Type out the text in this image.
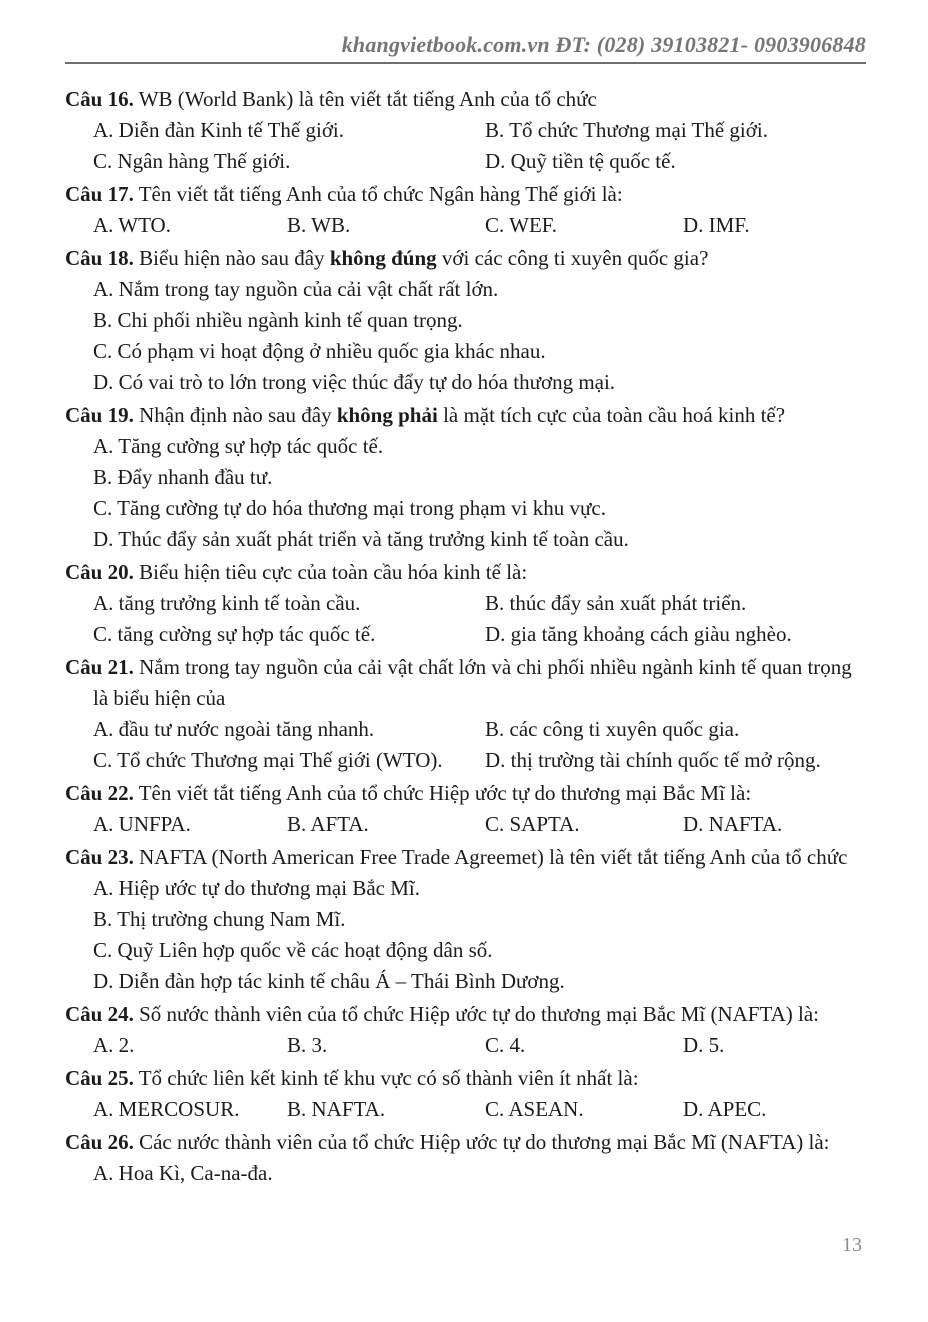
khangvietbook.com.vn ĐT: (028) 39103821- 0903906848

Câu 16. WB (World Bank) là tên viết tắt tiếng Anh của tổ chức

A. Diễn đàn Kinh tế Thế giới.	B. Tổ chức Thương mại Thế giới.
C. Ngân hàng Thế giới.	D. Quỹ tiền tệ quốc tế.

Câu 17. Tên viết tắt tiếng Anh của tổ chức Ngân hàng Thế giới là:

A. WTO.	B. WB.	C. WEF.	D. IMF.

Câu 18. Biểu hiện nào sau đây không đúng với các công ti xuyên quốc gia?

A. Nắm trong tay nguồn của cải vật chất rất lớn.
B. Chi phối nhiều ngành kinh tế quan trọng.
C. Có phạm vi hoạt động ở nhiều quốc gia khác nhau.
D. Có vai trò to lớn trong việc thúc đẩy tự do hóa thương mại.

Câu 19. Nhận định nào sau đây không phải là mặt tích cực của toàn cầu hoá kinh tế?

A. Tăng cường sự hợp tác quốc tế.
B. Đẩy nhanh đầu tư.
C. Tăng cường tự do hóa thương mại trong phạm vi khu vực.
D. Thúc đẩy sản xuất phát triển và tăng trưởng kinh tế toàn cầu.

Câu 20. Biểu hiện tiêu cực của toàn cầu hóa kinh tế là:

A. tăng trưởng kinh tế toàn cầu.	B. thúc đẩy sản xuất phát triển.
C. tăng cường sự hợp tác quốc tế.	D. gia tăng khoảng cách giàu nghèo.

Câu 21. Nắm trong tay nguồn của cải vật chất lớn và chi phối nhiều ngành kinh tế quan trọng là biểu hiện của

A. đầu tư nước ngoài tăng nhanh.	B. các công ti xuyên quốc gia.
C. Tổ chức Thương mại Thế giới (WTO).	D. thị trường tài chính quốc tế mở rộng.

Câu 22. Tên viết tắt tiếng Anh của tổ chức Hiệp ước tự do thương mại Bắc Mĩ là:

A. UNFPA.	B. AFTA.	C. SAPTA.	D. NAFTA.

Câu 23. NAFTA (North American Free Trade Agreemet) là tên viết tắt tiếng Anh của tổ chức

A. Hiệp ước tự do thương mại Bắc Mĩ.
B. Thị trường chung Nam Mĩ.
C. Quỹ Liên hợp quốc về các hoạt động dân số.
D. Diễn đàn hợp tác kinh tế châu Á – Thái Bình Dương.

Câu 24. Số nước thành viên của tổ chức Hiệp ước tự do thương mại Bắc Mĩ (NAFTA) là:

A. 2.	B. 3.	C. 4.	D. 5.

Câu 25. Tổ chức liên kết kinh tế khu vực có số thành viên ít nhất là:

A. MERCOSUR.	B. NAFTA.	C. ASEAN.	D. APEC.

Câu 26. Các nước thành viên của tổ chức Hiệp ước tự do thương mại Bắc Mĩ (NAFTA) là:

A. Hoa Kì, Ca-na-đa.
13
